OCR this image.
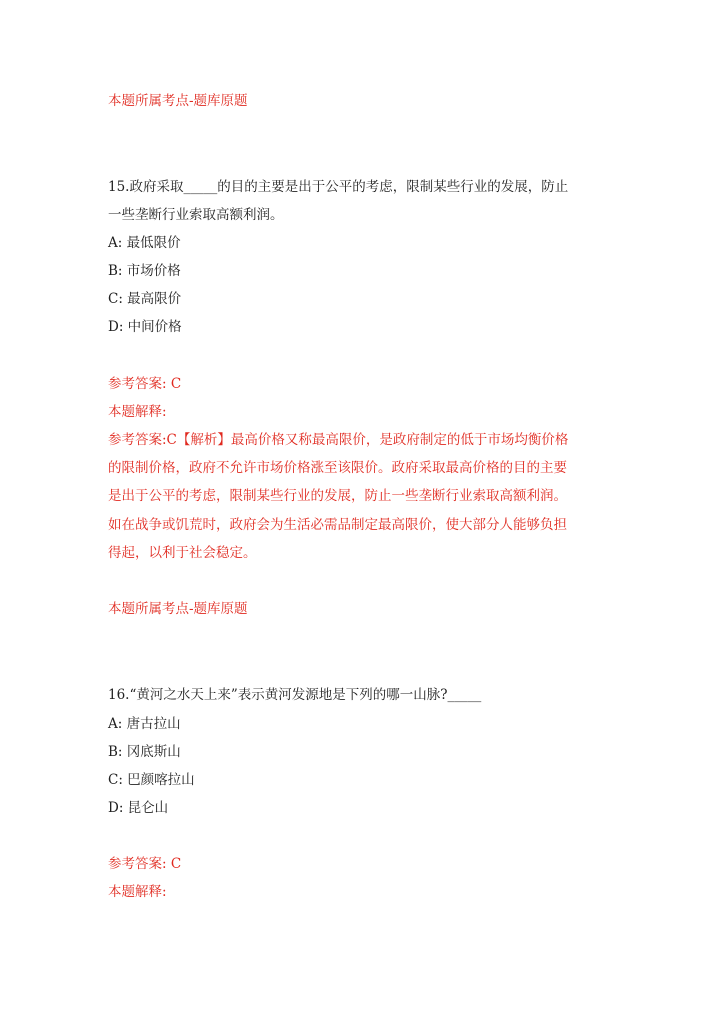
本题所属考点-题库原题
15.政府采取_____的目的主要是出于公平的考虑，限制某些行业的发展，防止
一些垄断行业索取高额利润。
A: 最低限价
B: 市场价格
C: 最高限价
D: 中间价格
参考答案: C
本题解释:
参考答案:C【解析】最高价格又称最高限价，是政府制定的低于市场均衡价格
的限制价格，政府不允许市场价格涨至该限价。政府采取最高价格的目的主要
是出于公平的考虑，限制某些行业的发展，防止一些垄断行业索取高额利润。
如在战争或饥荒时，政府会为生活必需品制定最高限价，使大部分人能够负担
得起，以利于社会稳定。
本题所属考点-题库原题
16.“黄河之水天上来”表示黄河发源地是下列的哪一山脉?_____
A: 唐古拉山
B: 冈底斯山
C: 巴颜喀拉山
D: 昆仑山
参考答案: C
本题解释:
